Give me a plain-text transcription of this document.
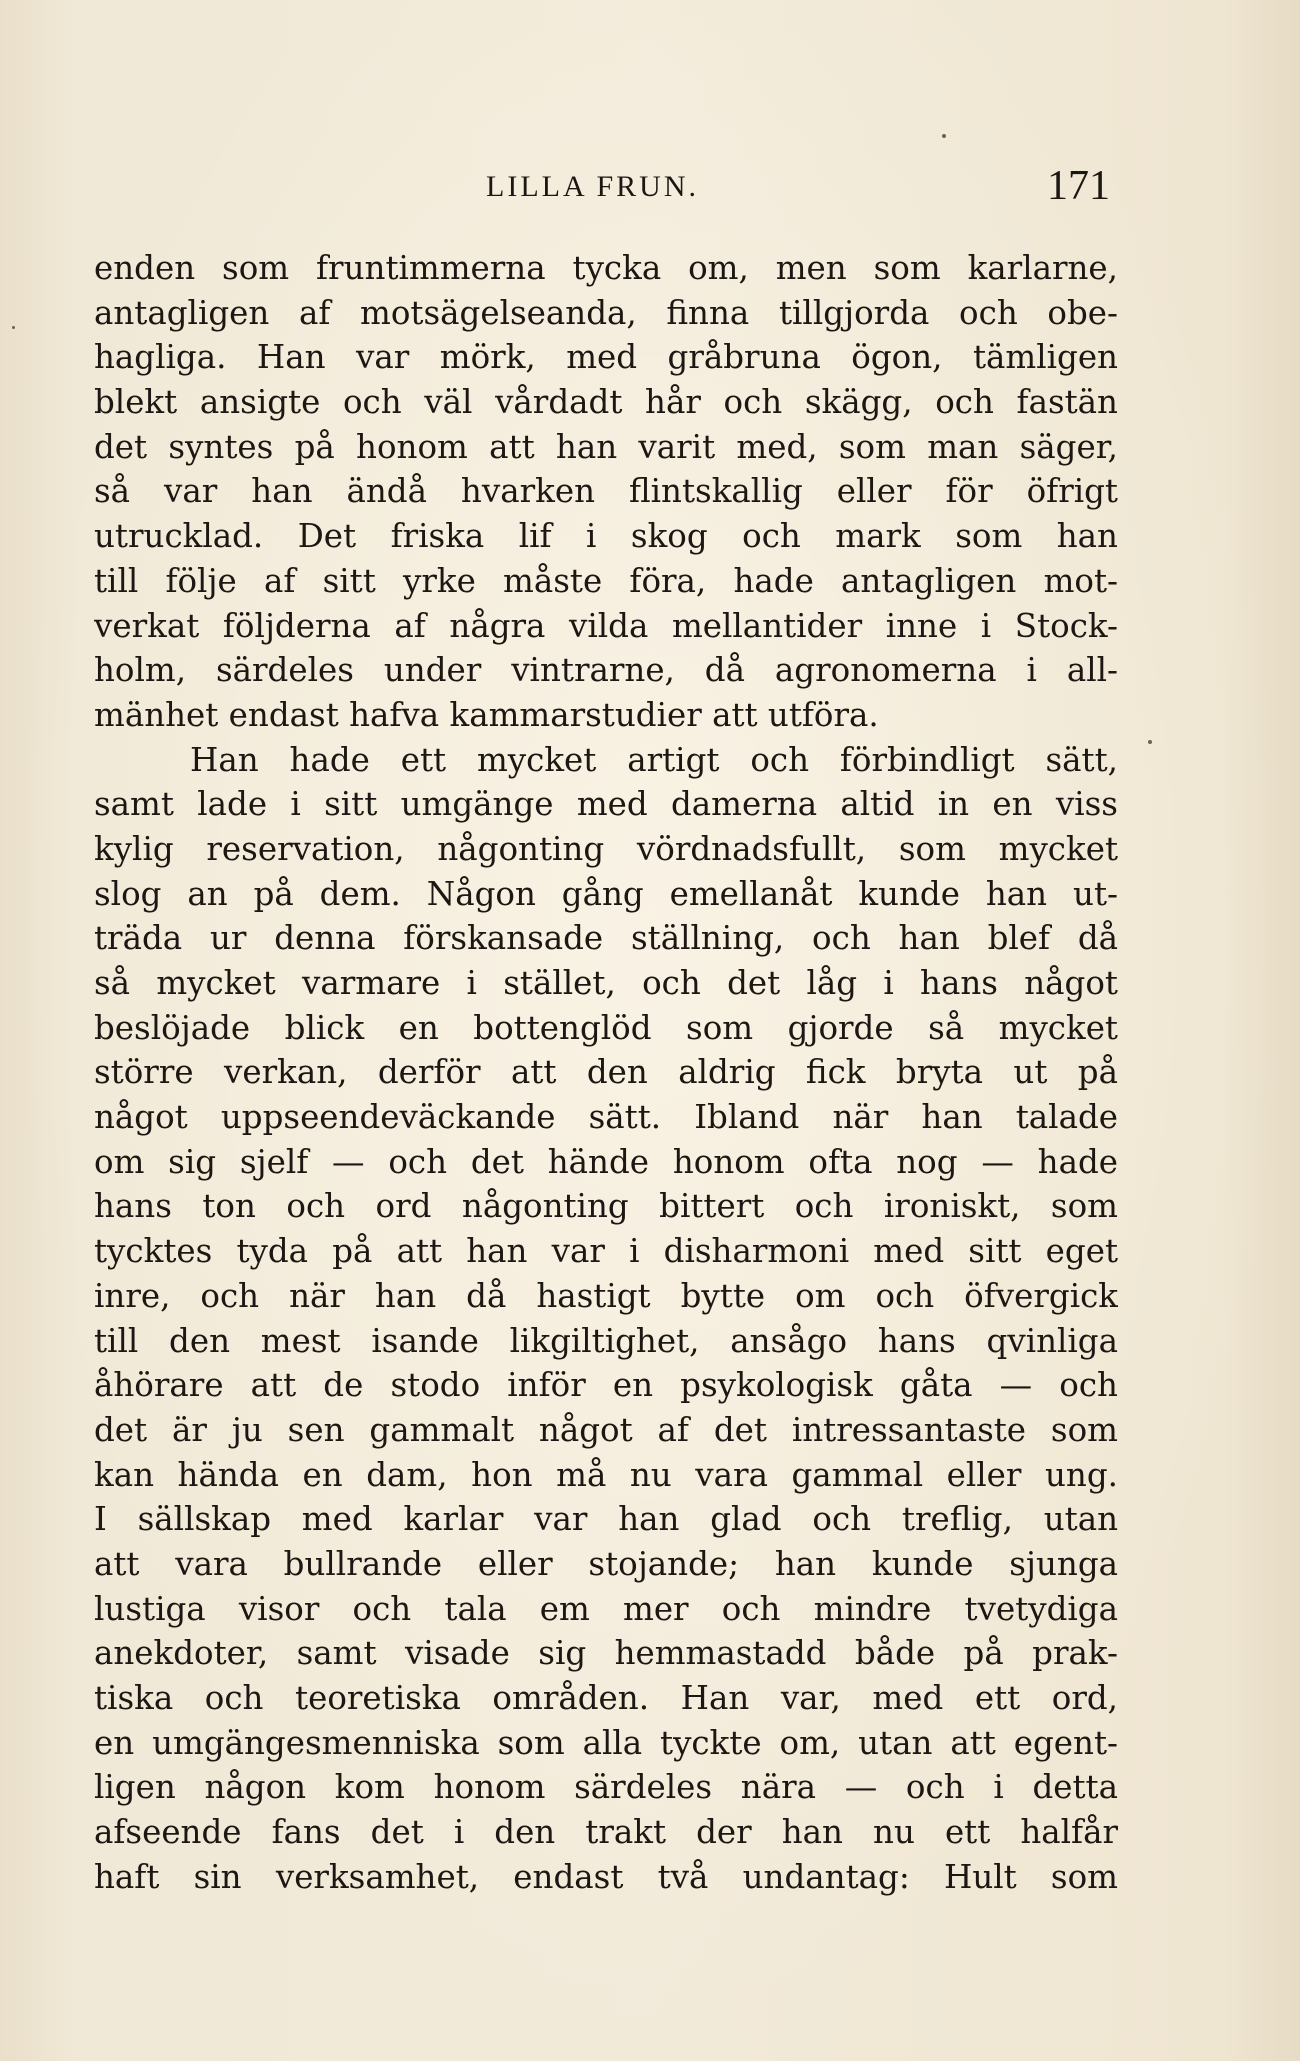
LILLA FRUN.	171
enden som fruntimmerna tycka om, men som karlarne,
antagligen af motsägelseanda, finna tillgjorda och obe-
hagliga. Han var mörk, med gråbruna ögon, tämligen
blekt ansigte och väl vårdadt hår och skägg, och fastän
det syntes på honom att han varit med, som man säger,
så var han ändå hvarken flintskallig eller för öfrigt
utrucklad. Det friska lif i skog och mark som han
till följe af sitt yrke måste föra, hade antagligen mot-
verkat följderna af några vilda mellantider inne i Stock-
holm, särdeles under vintrarne, då agronomerna i all-
mänhet endast hafva kammarstudier att utföra.
Han hade ett mycket artigt och förbindligt sätt,
samt lade i sitt umgänge med damerna altid in en viss
kylig reservation, någonting vördnadsfullt, som mycket
slog an på dem. Någon gång emellanåt kunde han ut-
träda ur denna förskansade ställning, och han blef då
så mycket varmare i stället, och det låg i hans något
beslöjade blick en bottenglöd som gjorde så mycket
större verkan, derför att den aldrig fick bryta ut på
något uppseendeväckande sätt. Ibland när han talade
om sig sjelf — och det hände honom ofta nog — hade
hans ton och ord någonting bittert och ironiskt, som
tycktes tyda på att han var i disharmoni med sitt eget
inre, och när han då hastigt bytte om och öfvergick
till den mest isande likgiltighet, ansågo hans qvinliga
åhörare att de stodo inför en psykologisk gåta — och
det är ju sen gammalt något af det intressantaste som
kan hända en dam, hon må nu vara gammal eller ung.
I sällskap med karlar var han glad och treflig, utan
att vara bullrande eller stojande; han kunde sjunga
lustiga visor och tala em mer och mindre tvetydiga
anekdoter, samt visade sig hemmastadd både på prak-
tiska och teoretiska områden. Han var, med ett ord,
en umgängesmenniska som alla tyckte om, utan att egent-
ligen någon kom honom särdeles nära — och i detta
afseende fans det i den trakt der han nu ett halfår
haft sin verksamhet, endast två undantag: Hult som
